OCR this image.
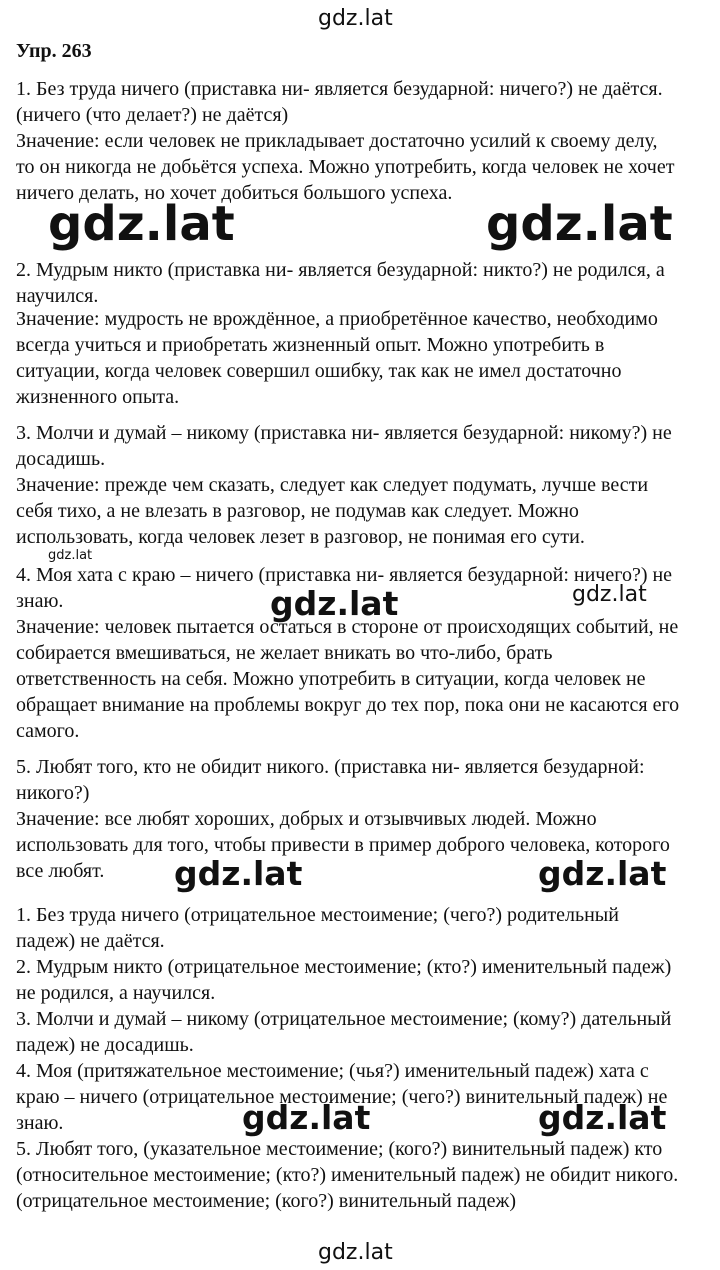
gdz.lat
Упр. 263
1. Без труда ничего (приставка ни- является безударной: ничего?) не даётся.
(ничего (что делает?) не даётся)
Значение: если человек не прикладывает достаточно усилий к своему делу,
то он никогда не добьётся успеха. Можно употребить, когда человек не хочет
ничего делать, но хочет добиться большого успеха.
2. Мудрым никто (приставка ни- является безударной: никто?) не родился, а
научился.
Значение: мудрость не врождённое, а приобретённое качество, необходимо
всегда учиться и приобретать жизненный опыт. Можно употребить в
ситуации, когда человек совершил ошибку, так как не имел достаточно
жизненного опыта.
3. Молчи и думай – никому (приставка ни- является безударной: никому?) не
досадишь.
Значение: прежде чем сказать, следует как следует подумать, лучше вести
себя тихо, а не влезать в разговор, не подумав как следует. Можно
использовать, когда человек лезет в разговор, не понимая его сути.
4. Моя хата с краю – ничего (приставка ни- является безударной: ничего?) не
знаю.
Значение: человек пытается остаться в стороне от происходящих событий, не
собирается вмешиваться, не желает вникать во что-либо, брать
ответственность на себя. Можно употребить в ситуации, когда человек не
обращает внимание на проблемы вокруг до тех пор, пока они не касаются его
самого.
5. Любят того, кто не обидит никого. (приставка ни- является безударной:
никого?)
Значение: все любят хороших, добрых и отзывчивых людей. Можно
использовать для того, чтобы привести в пример доброго человека, которого
все любят.
1. Без труда ничего (отрицательное местоимение; (чего?) родительный
падеж) не даётся.
2. Мудрым никто (отрицательное местоимение; (кто?) именительный падеж)
не родился, а научился.
3. Молчи и думай – никому (отрицательное местоимение; (кому?) дательный
падеж) не досадишь.
4. Моя (притяжательное местоимение; (чья?) именительный падеж) хата с
краю – ничего (отрицательное местоимение; (чего?) винительный падеж) не
знаю.
5. Любят того, (указательное местоимение; (кого?) винительный падеж) кто
(относительное местоимение; (кто?) именительный падеж) не обидит никого.
(отрицательное местоимение; (кого?) винительный падеж)
gdz.lat	gdz.lat
gdz.lat
gdz.lat	gdz.lat
gdz.lat	gdz.lat
gdz.lat	gdz.lat
gdz.lat
